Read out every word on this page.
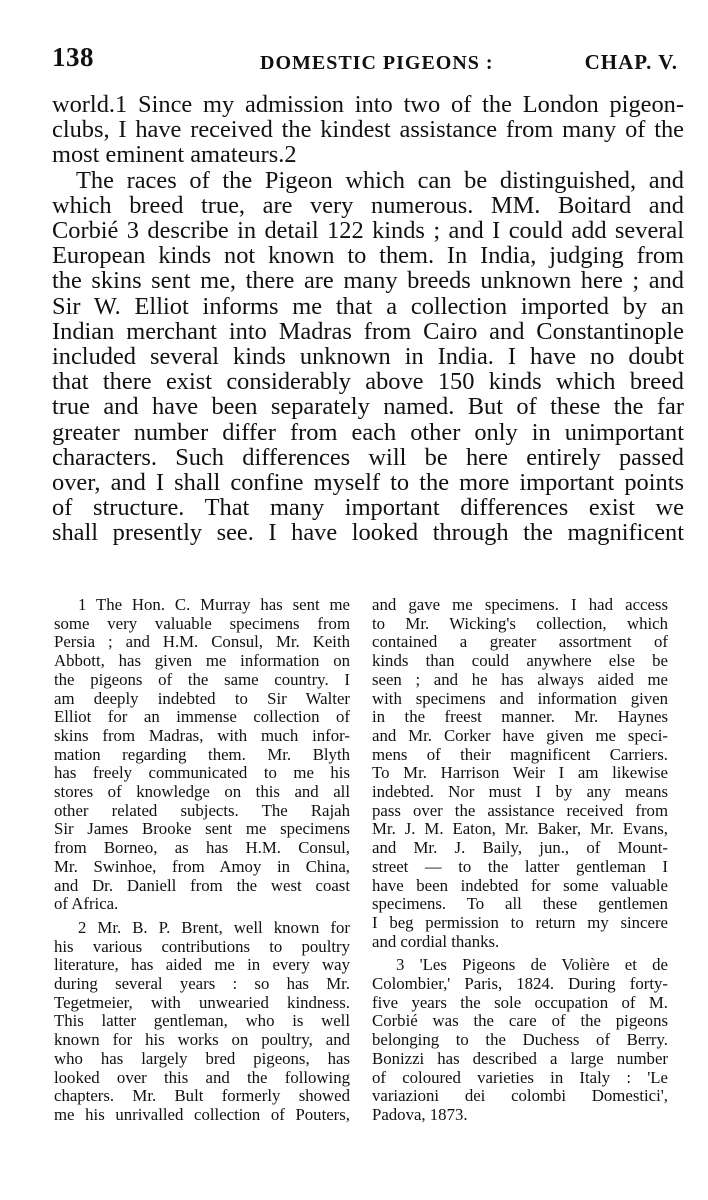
138	DOMESTIC PIGEONS :	CHAP. V.

world.1 Since my admission into two of the London pigeon-
clubs, I have received the kindest assistance from many of the
most eminent amateurs.2

The races of the Pigeon which can be distinguished, and
which breed true, are very numerous. MM. Boitard and
Corbié 3 describe in detail 122 kinds ; and I could add several
European kinds not known to them. In India, judging from
the skins sent me, there are many breeds unknown here ; and
Sir W. Elliot informs me that a collection imported by an
Indian merchant into Madras from Cairo and Constantinople
included several kinds unknown in India. I have no doubt
that there exist considerably above 150 kinds which breed
true and have been separately named. But of these the far
greater number differ from each other only in unimportant
characters. Such differences will be here entirely passed
over, and I shall confine myself to the more important points
of structure. That many important differences exist we
shall presently see. I have looked through the magnificent

1 The Hon. C. Murray has sent me
some very valuable specimens from
Persia ; and H.M. Consul, Mr. Keith
Abbott, has given me information on
the pigeons of the same country. I
am deeply indebted to Sir Walter
Elliot for an immense collection of
skins from Madras, with much infor-
mation regarding them. Mr. Blyth
has freely communicated to me his
stores of knowledge on this and all
other related subjects. The Rajah
Sir James Brooke sent me specimens
from Borneo, as has H.M. Consul,
Mr. Swinhoe, from Amoy in China,
and Dr. Daniell from the west coast
of Africa.
2 Mr. B. P. Brent, well known for
his various contributions to poultry
literature, has aided me in every way
during several years : so has Mr.
Tegetmeier, with unwearied kindness.
This latter gentleman, who is well
known for his works on poultry, and
who has largely bred pigeons, has
looked over this and the following
chapters. Mr. Bult formerly showed
me his unrivalled collection of Pouters,
and gave me specimens. I had access
to Mr. Wicking's collection, which
contained a greater assortment of
kinds than could anywhere else be
seen ; and he has always aided me
with specimens and information given
in the freest manner. Mr. Haynes
and Mr. Corker have given me speci-
mens of their magnificent Carriers.
To Mr. Harrison Weir I am likewise
indebted. Nor must I by any means
pass over the assistance received from
Mr. J. M. Eaton, Mr. Baker, Mr. Evans,
and Mr. J. Baily, jun., of Mount-
street — to the latter gentleman I
have been indebted for some valuable
specimens. To all these gentlemen
I beg permission to return my sincere
and cordial thanks.
3 'Les Pigeons de Volière et de
Colombier,' Paris, 1824. During forty-
five years the sole occupation of M.
Corbié was the care of the pigeons
belonging to the Duchess of Berry.
Bonizzi has described a large number
of coloured varieties in Italy : 'Le
variazioni dei colombi Domestici',
Padova, 1873.
